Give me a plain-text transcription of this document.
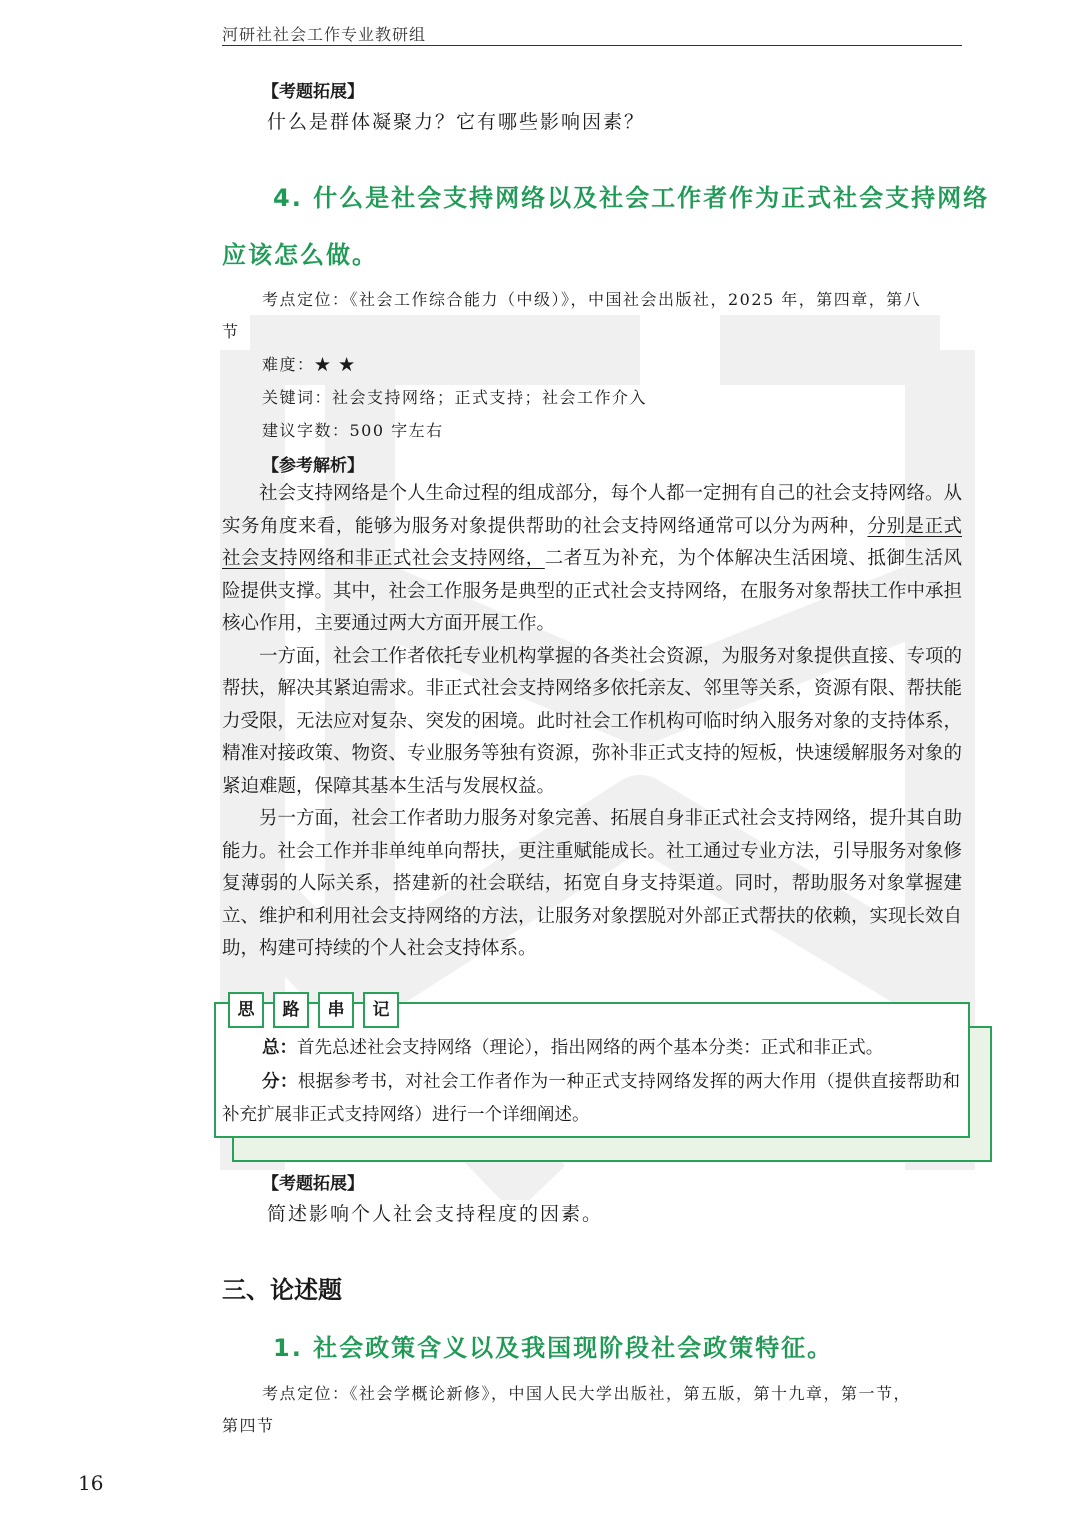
河研社社会工作专业教研组
【考题拓展】
什么是群体凝聚力？它有哪些影响因素？
4. 什么是社会支持网络以及社会工作者作为正式社会支持网络
应该怎么做。
考点定位：《社会工作综合能力（中级）》，中国社会出版社，2025 年，第四章，第八
节
难度：★ ★
关键词：社会支持网络；正式支持；社会工作介入
建议字数：500 字左右
【参考解析】

社会支持网络是个人生命过程的组成部分，每个人都一定拥有自己的社会支持网络。从实务角度来看，能够为服务对象提供帮助的社会支持网络通常可以分为两种，分别是正式社会支持网络和非正式社会支持网络，二者互为补充，为个体解决生活困境、抵御生活风险提供支撑。其中，社会工作服务是典型的正式社会支持网络，在服务对象帮扶工作中承担核心作用，主要通过两大方面开展工作。

一方面，社会工作者依托专业机构掌握的各类社会资源，为服务对象提供直接、专项的帮扶，解决其紧迫需求。非正式社会支持网络多依托亲友、邻里等关系，资源有限、帮扶能力受限，无法应对复杂、突发的困境。此时社会工作机构可临时纳入服务对象的支持体系，精准对接政策、物资、专业服务等独有资源，弥补非正式支持的短板，快速缓解服务对象的紧迫难题，保障其基本生活与发展权益。

另一方面，社会工作者助力服务对象完善、拓展自身非正式社会支持网络，提升其自助能力。社会工作并非单纯单向帮扶，更注重赋能成长。社工通过专业方法，引导服务对象修复薄弱的人际关系，搭建新的社会联结，拓宽自身支持渠道。同时，帮助服务对象掌握建立、维护和利用社会支持网络的方法，让服务对象摆脱对外部正式帮扶的依赖，实现长效自助，构建可持续的个人社会支持体系。

思	路	串	记
总：首先总述社会支持网络（理论），指出网络的两个基本分类：正式和非正式。
分：根据参考书，对社会工作者作为一种正式支持网络发挥的两大作用（提供直接帮助和补充扩展非正式支持网络）进行一个详细阐述。
【考题拓展】
简述影响个人社会支持程度的因素。
三、论述题
1. 社会政策含义以及我国现阶段社会政策特征。
考点定位：《社会学概论新修》，中国人民大学出版社，第五版，第十九章，第一节，
第四节
16
